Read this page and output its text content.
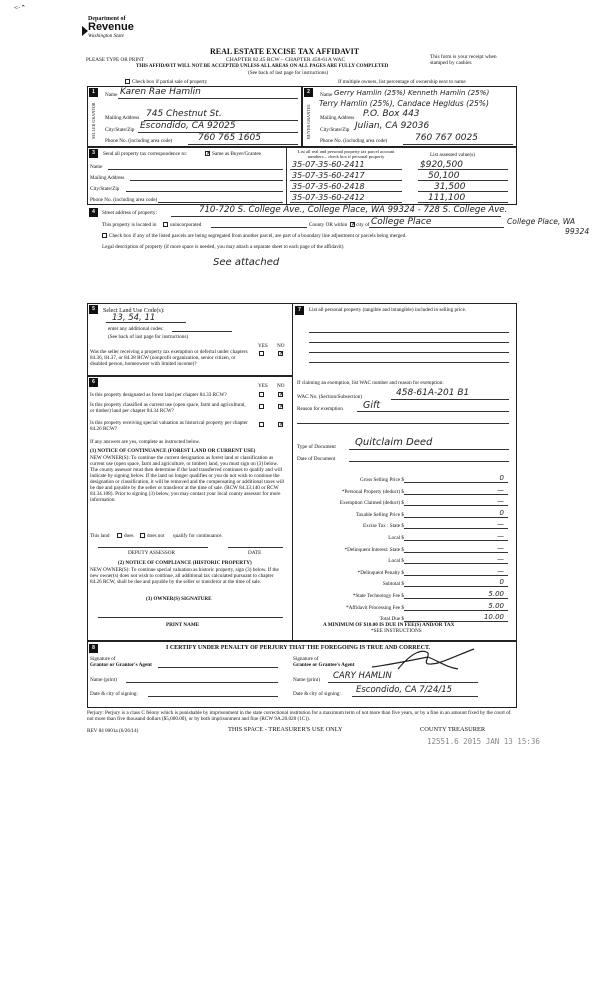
˂·⌃
Department of
Revenue
Washington State
PLEASE TYPE OR PRINT
REAL ESTATE EXCISE TAX AFFIDAVIT
CHAPTER 82.45 RCW – CHAPTER 458-61A WAC
THIS AFFIDAVIT WILL NOT BE ACCEPTED UNLESS ALL AREAS ON ALL PAGES ARE FULLY COMPLETED
(See back of last page for instructions)
This form is your receipt when stamped by cashier.
Check box if partial sale of property	If multiple owners, list percentage of ownership next to name
1
SELLER GRANTOR
Name Karen Rae Hamlin
Mailing Address 745 Chestnut St.
City/State/Zip Escondido, CA 92025
Phone No. (including area code)	760 765 1605
2
BUYER GRANTEE
Name Gerry Hamlin (25%) Kenneth Hamlin (25%)
Terry Hamlin (25%), Candace Hegldus (25%)
Mailing Address P.O. Box 443
City/State/Zip Julian, CA 92036
Phone No. (including area code)	760 767 0025
3	Send all property tax correspondence to:	✕ Same as Buyer/Grantee
Name
Mailing Address
City/State/Zip
Phone No. (including area code)
List all real and personal property tax parcel account numbers – check box if personal property	List assessed value(s)
35-07-35-60-2411	$920,500
35-07-35-60-2417	50,100
35-07-35-60-2418	31,500
35-07-35-60-2412	111,100
4	Street address of property:	710-720 S. College Ave., College Place, WA 99324 - 728 S. College Ave.
College Place, WA
99324
This property is located in	unincorporated	County OR within ✕ city of College Place
Check box if any of the listed parcels are being segregated from another parcel, are part of a boundary line adjustment or parcels being merged.
Legal description of property (if more space is needed, you may attach a separate sheet to each page of the affidavit)
See attached
5	Select Land Use Code(s):
13, 54, 11
enter any additional codes:
(See back of last page for instructions)
YES NO
Was the seller receiving a property tax exemption or deferral under chapters 84.36, 84.37, or 84.38 RCW (nonprofit organization, senior citizen, or disabled person, homeowner with limited income)?
✕
6
YES NO
Is this property designated as forest land per chapter 84.33 RCW?	✕
Is this property classified as current use (open space, farm and agricultural, or timber) land per chapter 84.34 RCW?
✕
Is this property receiving special valuation as historical property per chapter 84.26 RCW?
✕
If any answers are yes, complete as instructed below.
(1) NOTICE OF CONTINUANCE (FOREST LAND OR CURRENT USE)
NEW OWNER(S): To continue the current designation as forest land or classification as current use (open space, farm and agriculture, or timber) land, you must sign on (3) below. The county assessor must then determine if the land transferred continues to qualify and will indicate by signing below. If the land no longer qualifies or you do not wish to continue the designation or classification, it will be removed and the compensating or additional taxes will be due and payable by the seller or transferor at the time of sale. (RCW 84.33.140 or RCW 84.34.108). Prior to signing (3) below, you may contact your local county assessor for more information.
This land	does	does not qualify for continuance.
DEPUTY ASSESSOR	DATE
(2) NOTICE OF COMPLIANCE (HISTORIC PROPERTY)
NEW OWNER(S): To continue special valuation as historic property, sign (3) below. If the new owner(s) does not wish to continue, all additional tax calculated pursuant to chapter 84.26 RCW, shall be due and payable by the seller or transferor at the time of sale.
(3) OWNER(S) SIGNATURE
PRINT NAME
7	List all personal property (tangible and intangible) included in selling price.
If claiming an exemption, list WAC number and reason for exemption:
WAC No. (Section/Subsection)	458-61A-201 B1
Reason for exemption Gift
Type of Document Quitclaim Deed
Date of Document
A MINIMUM OF $10.00 IS DUE IN FEE(S) AND/OR TAX
*SEE INSTRUCTIONS
Gross Selling Price $	0
*Personal Property (deduct) $	—
Exemption Claimed (deduct) $	—
Taxable Selling Price $	0
Excise Tax : State $	—
Local $	—
*Delinquent Interest: State $	—
Local $	—
*Delinquent Penalty $	—
Subtotal $	0
*State Technology Fee $	5.00
*Affidavit Processing Fee $	5.00
Total Due $	10.00
8	I CERTIFY UNDER PENALTY OF PERJURY THAT THE FOREGOING IS TRUE AND CORRECT.
Signature of
Grantor or Grantor's Agent
Name (print)
Date & city of signing:
Signature of
Grantee or Grantee's Agent
Name (print) CARY HAMLIN
Date & city of signing: Escondido, CA 7/24/15
Perjury: Perjury is a class C felony which is punishable by imprisonment in the state correctional institution for a maximum term of not more than five years, or by a fine in an amount fixed by the court of not more than five thousand dollars ($5,000.00), or by both imprisonment and fine (RCW 9A.20.020 (1C)).
REV 84 0001a (6/26/14)	THIS SPACE - TREASURER'S USE ONLY	COUNTY TREASURER
12551.6 2015 JAN 13 15:36
